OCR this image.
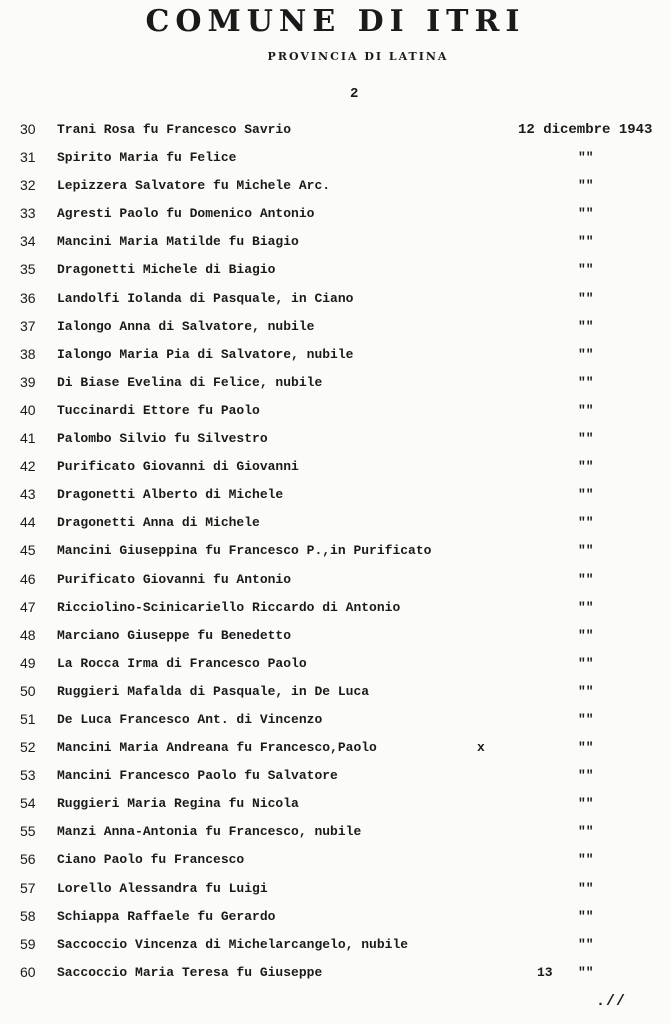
COMUNE DI ITRI
PROVINCIA DI LATINA
2
30 Trani Rosa fu Francesco Savrio	12 dicembre 1943
31 Spirito Maria fu Felice	""
32 Lepizzera Salvatore fu Michele Arc.	""
33 Agresti Paolo fu Domenico Antonio	""
34 Mancini Maria Matilde fu Biagio	""
35 Dragonetti Michele di Biagio	""
36 Landolfi Iolanda di Pasquale, in Ciano	""
37 Ialongo Anna di Salvatore, nubile	""
38 Ialongo Maria Pia di Salvatore, nubile	""
39 Di Biase Evelina di Felice, nubile	""
40 Tuccinardi Ettore fu Paolo	""
41 Palombo Silvio fu Silvestro	""
42 Purificato Giovanni di Giovanni	""
43 Dragonetti Alberto di Michele	""
44 Dragonetti Anna di Michele	""
45 Mancini Giuseppina fu Francesco P.,in Purificato	""
46 Purificato Giovanni fu Antonio	""
47 Ricciolino-Scinicariello Riccardo di Antonio	""
48 Marciano Giuseppe fu Benedetto	""
49 La Rocca Irma di Francesco Paolo	""
50 Ruggieri Mafalda di Pasquale, in De Luca	""
51 De Luca Francesco Ant. di Vincenzo	""
52 Mancini Maria Andreana fu Francesco,Paolo	x	""
53 Mancini Francesco Paolo fu Salvatore	""
54 Ruggieri Maria Regina fu Nicola	""
55 Manzi Anna-Antonia fu Francesco, nubile	""
56 Ciano Paolo fu Francesco	""
57 Lorello Alessandra fu Luigi	""
58 Schiappa Raffaele fu Gerardo	""
59 Saccoccio Vincenza di Michelarcangelo, nubile	""
60 Saccoccio Maria Teresa fu Giuseppe	13 ""
.//
